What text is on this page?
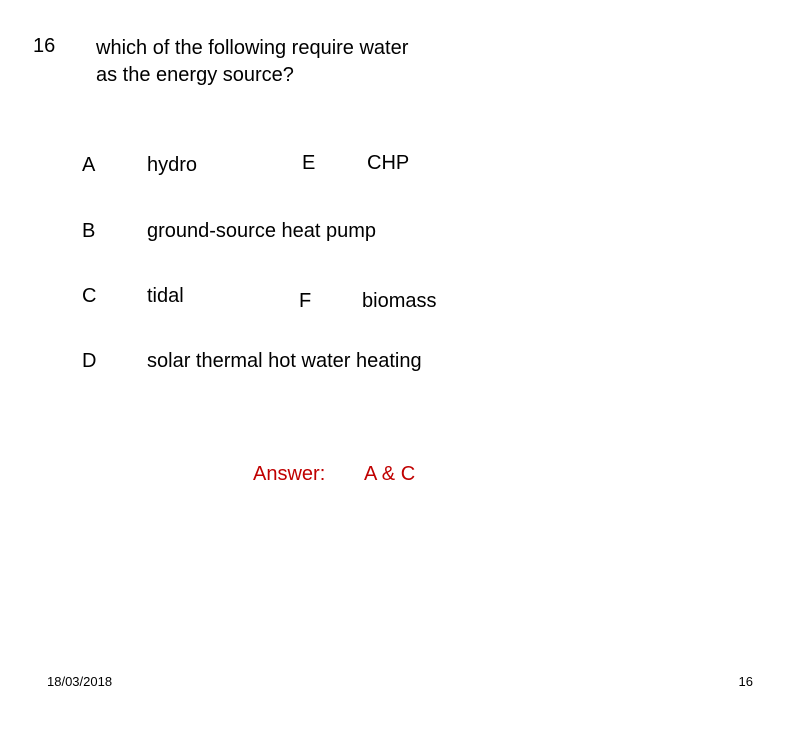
16 which of the following require water
as the energy source?
A	hydro	E	CHP
B	ground-source heat pump
C	tidal	F	biomass
D	solar thermal hot water heating
Answer: A & C
18/03/2018	16
